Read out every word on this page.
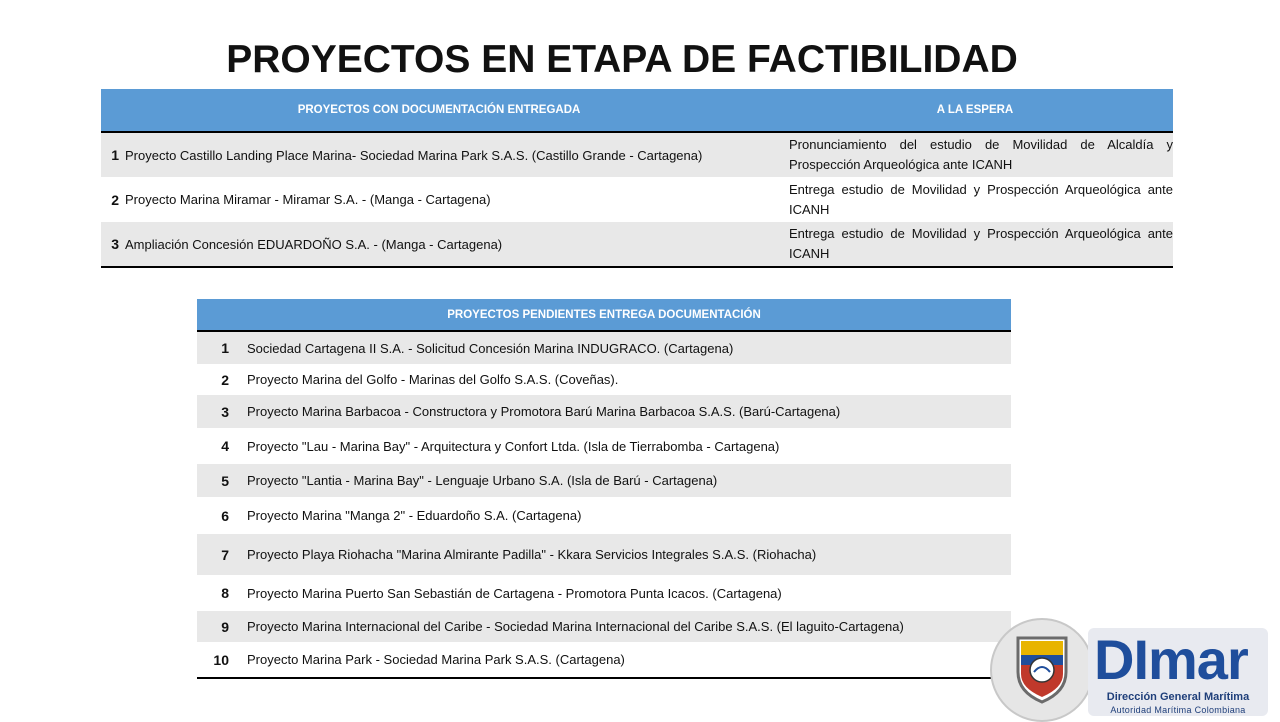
PROYECTOS EN ETAPA DE FACTIBILIDAD
PROYECTOS CON DOCUMENTACIÓN ENTREGADA		A LA ESPERA
1	Proyecto Castillo Landing Place Marina- Sociedad Marina Park S.A.S. (Castillo Grande - Cartagena)	Pronunciamiento del estudio de Movilidad de Alcaldía y Prospección Arqueológica ante ICANH
2	Proyecto Marina Miramar - Miramar S.A. - (Manga - Cartagena)	Entrega estudio de Movilidad y Prospección Arqueológica ante ICANH
3	Ampliación Concesión EDUARDOÑO S.A. - (Manga - Cartagena)	Entrega estudio de Movilidad y Prospección Arqueológica ante ICANH
PROYECTOS PENDIENTES ENTREGA DOCUMENTACIÓN	
1	Sociedad Cartagena II S.A. - Solicitud Concesión Marina INDUGRACO. (Cartagena)
2	Proyecto Marina del Golfo - Marinas del Golfo S.A.S. (Coveñas).
3	Proyecto Marina Barbacoa - Constructora y Promotora Barú Marina Barbacoa S.A.S. (Barú-Cartagena)
4	Proyecto "Lau - Marina Bay" - Arquitectura y Confort Ltda. (Isla de Tierrabomba - Cartagena)
5	Proyecto "Lantia - Marina Bay" - Lenguaje Urbano S.A. (Isla de Barú - Cartagena)
6	Proyecto Marina "Manga 2" - Eduardoño S.A. (Cartagena)
7	Proyecto Playa Riohacha "Marina Almirante Padilla" - Kkara Servicios Integrales S.A.S. (Riohacha)
8	Proyecto Marina Puerto San Sebastián de Cartagena - Promotora Punta Icacos. (Cartagena)
9	Proyecto Marina Internacional del Caribe - Sociedad Marina Internacional del Caribe S.A.S. (El laguito-Cartagena)
10	Proyecto Marina Park - Sociedad Marina Park S.A.S. (Cartagena)	DImar
Dirección General Marítima
Autoridad Marítima Colombiana
